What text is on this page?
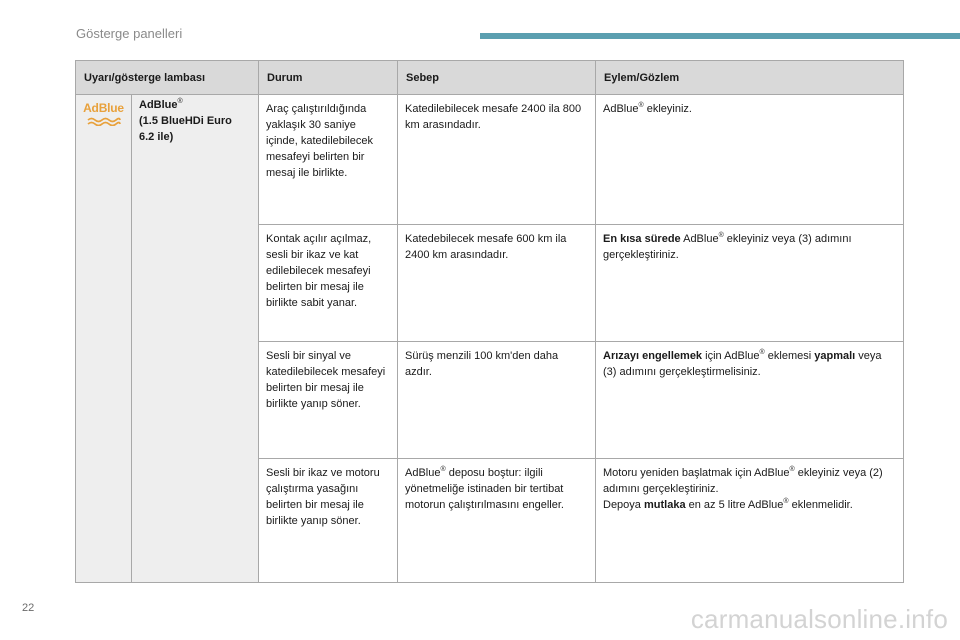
Gösterge panelleri
Uyarı/gösterge lambası		Durum	Sebep	Eylem/Gözlem

AdBlue	AdBlue®
(1.5 BlueHDi Euro
6.2 ile)	Araç çalıştırıldığında yaklaşık 30 saniye içinde, katedilebilecek mesafeyi belirten bir mesaj ile birlikte.	Katedilebilecek mesafe 2400 ila 800 km arasındadır.	AdBlue® ekleyiniz.

		Kontak açılır açılmaz, sesli bir ikaz ve kat edilebilecek mesafeyi belirten bir mesaj ile birlikte sabit yanar.	Katedebilecek mesafe 600 km ila 2400 km arasındadır.	En kısa sürede AdBlue® ekleyiniz veya (3) adımını gerçekleştiriniz.

		Sesli bir sinyal ve katedilebilecek mesafeyi belirten bir mesaj ile birlikte yanıp söner.	Sürüş menzili 100 km'den daha azdır.	Arızayı engellemek için AdBlue® eklemesi yapmalı veya (3) adımını gerçekleştirmelisiniz.

		Sesli bir ikaz ve motoru çalıştırma yasağını belirten bir mesaj ile birlikte yanıp söner.	AdBlue® deposu boştur: ilgili yönetmeliğe istinaden bir tertibat motorun çalıştırılmasını engeller.	Motoru yeniden başlatmak için AdBlue® ekleyiniz veya (2) adımını gerçekleştiriniz.
Depoya mutlaka en az 5 litre AdBlue® eklenmelidir.
22	carmanualsonline.info
